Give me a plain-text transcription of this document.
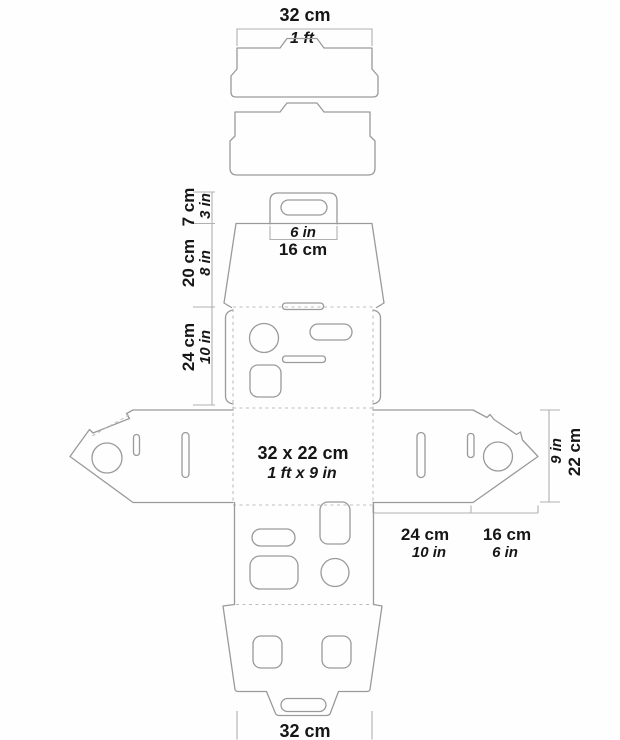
32 cm
1 ft
6 in
16 cm
32 x 22 cm
1 ft x 9 in
9 in 22 cm
24 cm
10 in
16 cm
6 in
32 cm
7 cm 3 in
20 cm 8 in
24 cm 10 in
